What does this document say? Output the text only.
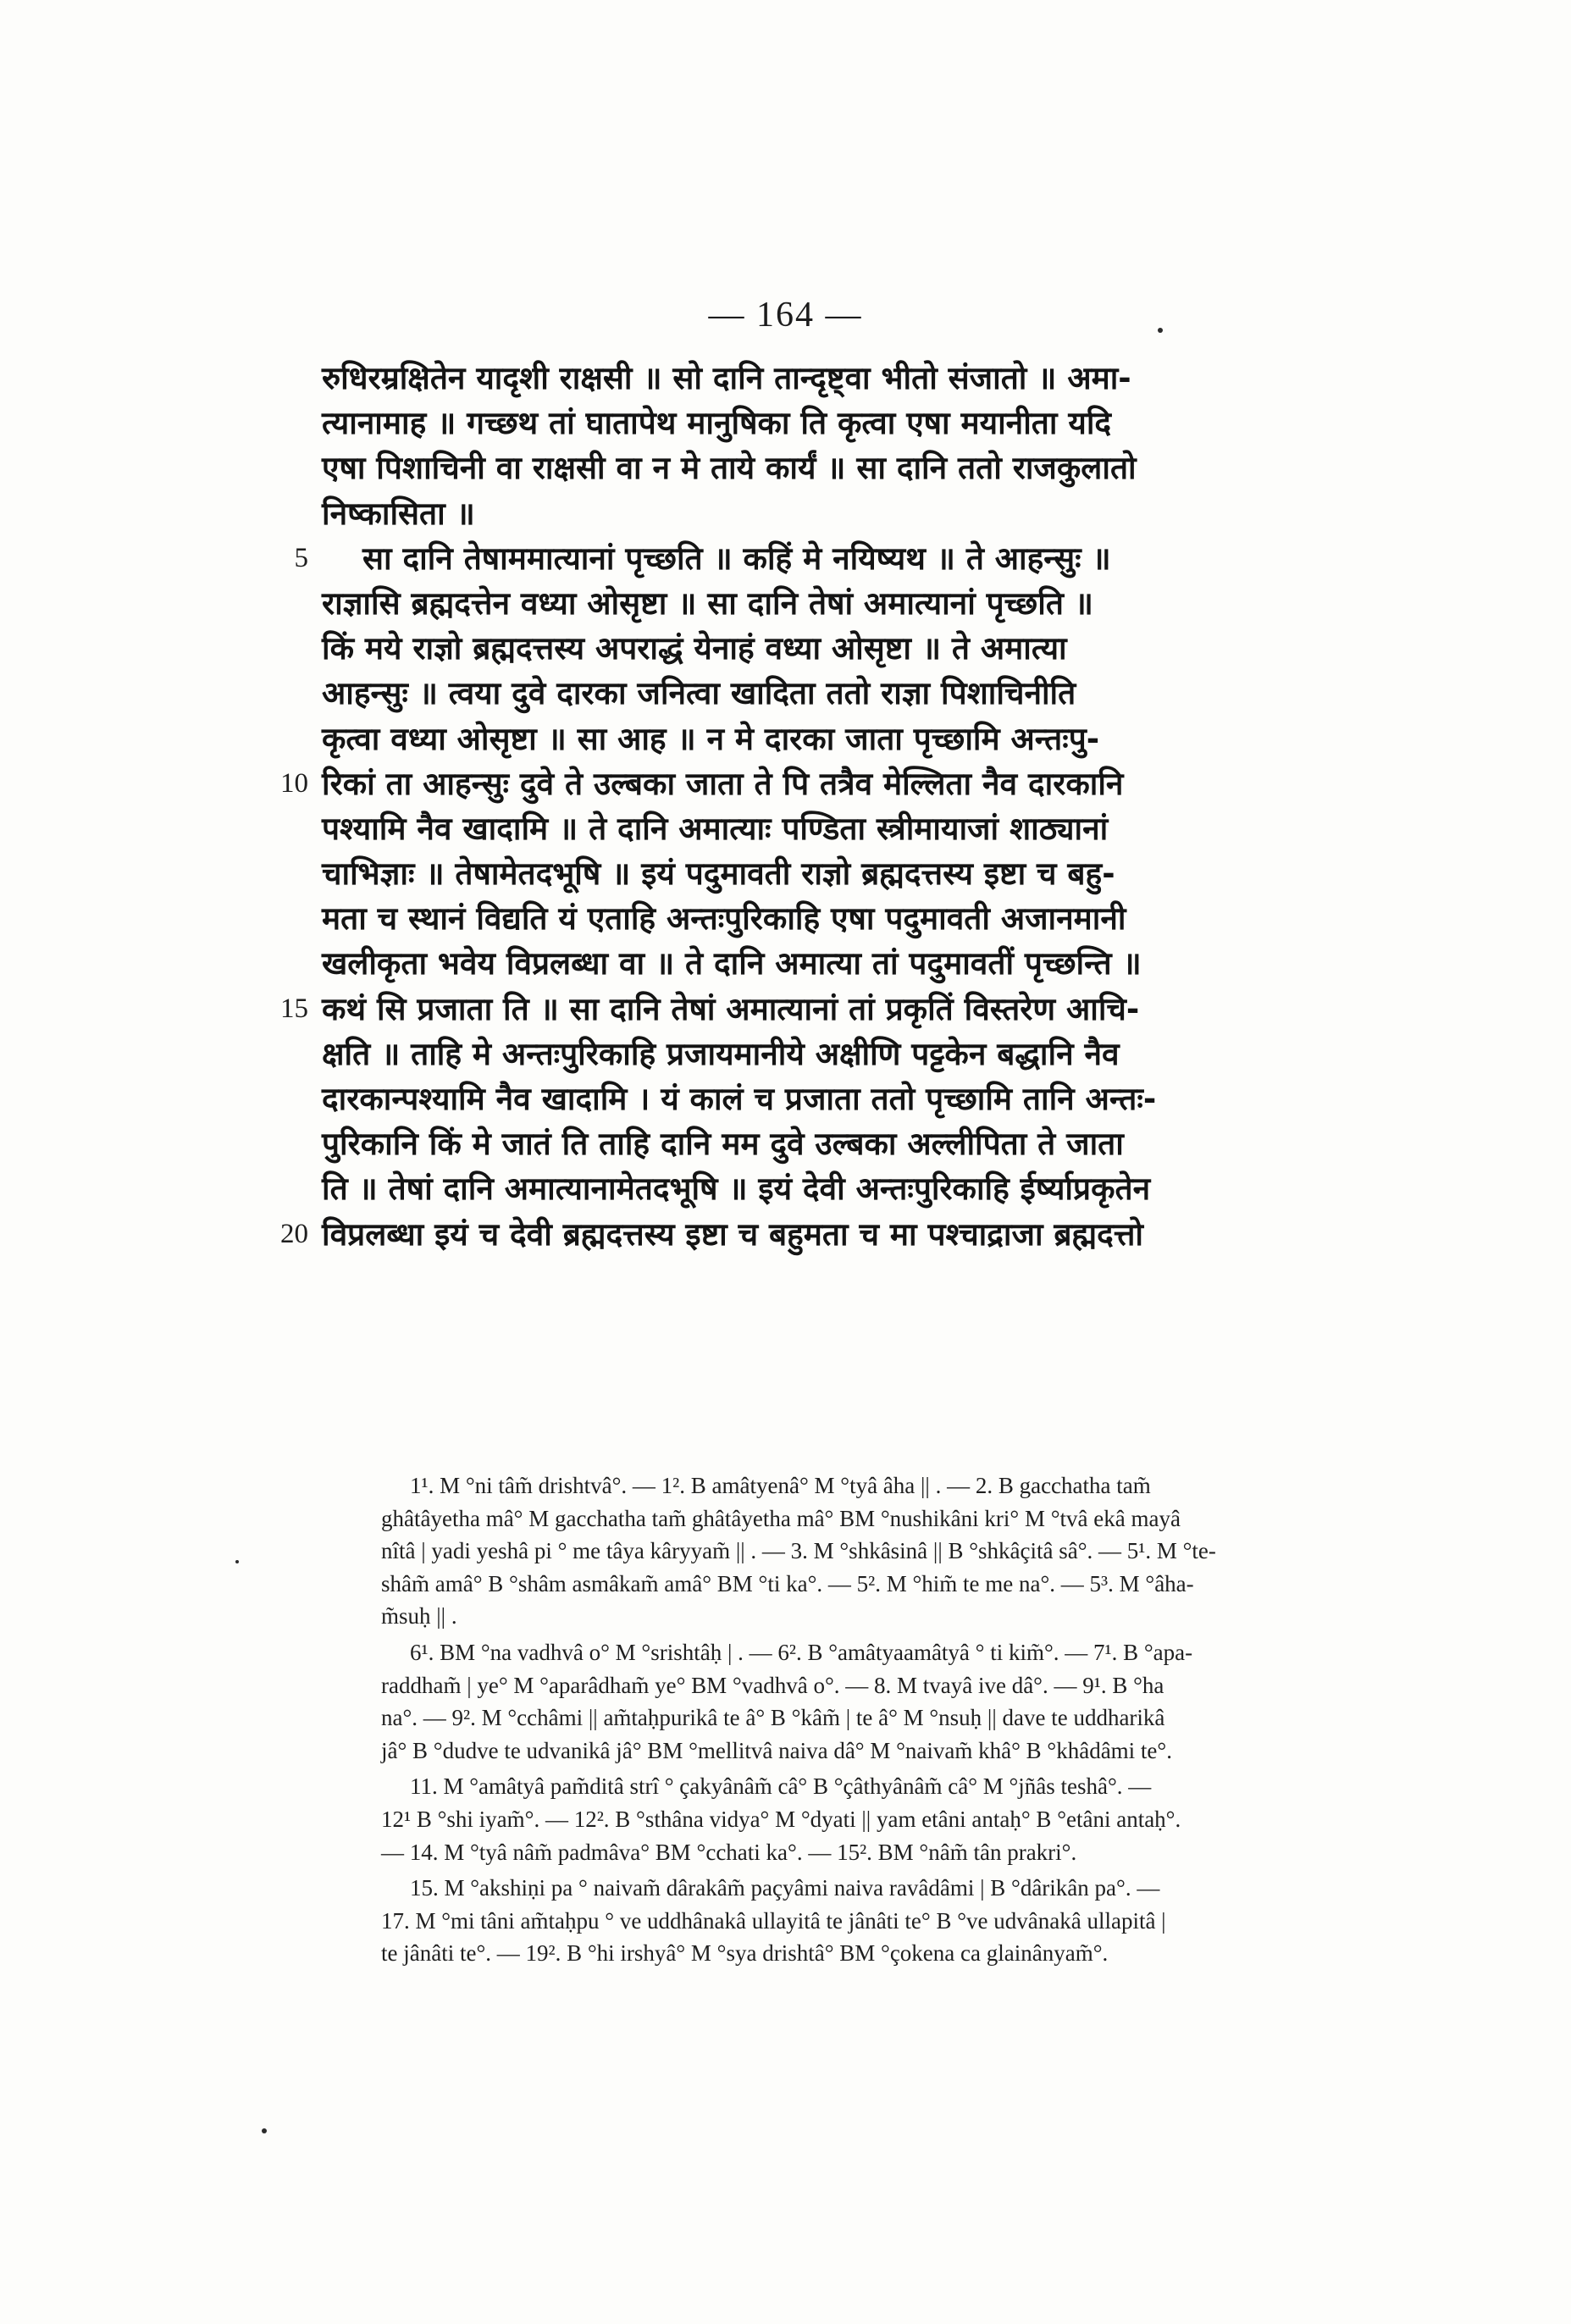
— 164 —
रुधिरम्रक्षितेन यादृशी राक्षसी ॥ सो दानि तान्दृष्ट्वा भीतो संजातो ॥ अमा-
त्यानामाह ॥ गच्छथ तां घातापेथ मानुषिका ति कृत्वा एषा मयानीता यदि
एषा पिशाचिनी वा राक्षसी वा न मे ताये कार्यं ॥ सा दानि ततो राजकुलातो
निष्कासिता ॥
5 सा दानि तेषाममात्यानां पृच्छति ॥ कहिं मे नयिष्यथ ॥ ते आहन्सुः ॥
राज्ञासि ब्रह्मदत्तेन वध्या ओसृष्टा ॥ सा दानि तेषां अमात्यानां पृच्छति ॥
किं मये राज्ञो ब्रह्मदत्तस्य अपराद्धं येनाहं वध्या ओसृष्टा ॥ ते अमात्या
आहन्सुः ॥ त्वया दुवे दारका जनित्वा खादिता ततो राज्ञा पिशाचिनीति
कृत्वा वध्या ओसृष्टा ॥ सा आह ॥ न मे दारका जाता पृच्छामि अन्तःपु-
10 रिकां ता आहन्सुः दुवे ते उल्बका जाता ते पि तत्रैव मेल्लिता नैव दारकानि
पश्यामि नैव खादामि ॥ ते दानि अमात्याः पण्डिता स्त्रीमायाजां शाठ्यानां
चाभिज्ञाः ॥ तेषामेतदभूषि ॥ इयं पदुमावती राज्ञो ब्रह्मदत्तस्य इष्टा च बहु-
मता च स्थानं विद्यति यं एताहि अन्तःपुरिकाहि एषा पदुमावती अजानमानी
खलीकृता भवेय विप्रलब्धा वा ॥ ते दानि अमात्या तां पदुमावतीं पृच्छन्ति ॥
15 कथं सि प्रजाता ति ॥ सा दानि तेषां अमात्यानां तां प्रकृतिं विस्तरेण आचि-
क्षति ॥ ताहि मे अन्तःपुरिकाहि प्रजायमानीये अक्षीणि पट्टकेन बद्धानि नैव
दारकान्पश्यामि नैव खादामि । यं कालं च प्रजाता ततो पृच्छामि तानि अन्तः-
पुरिकानि किं मे जातं ति ताहि दानि मम दुवे उल्बका अल्लीपिता ते जाता
ति ॥ तेषां दानि अमात्यानामेतदभूषि ॥ इयं देवी अन्तःपुरिकाहि ईर्ष्याप्रकृतेन
20 विप्रलब्धा इयं च देवी ब्रह्मदत्तस्य इष्टा च बहुमता च मा पश्चाद्राजा ब्रह्मदत्तो
1¹. M °ni tâm̃ drishtvâ°. — 1². B amâtyenâ° M °tyâ âha || . — 2. B gacchatha tam̃
ghâtâyetha mâ° M gacchatha tam̃ ghâtâyetha mâ° BM °nushikâni kri° M °tvâ ekâ mayâ
nîtâ | yadi yeshâ pi ° me tâya kâryyam̃ || . — 3. M °shkâsinâ || B °shkâçitâ sâ°. — 5¹. M °te-
shâm̃ amâ° B °shâm asmâkam̃ amâ° BM °ti ka°. — 5². M °him̃ te me na°. — 5³. M °âha-
m̃suḥ || .
6¹. BM °na vadhvâ o° M °srishtâḥ | . — 6². B °amâtyaamâtyâ ° ti kim̃°. — 7¹. B °apa-
raddham̃ | ye° M °aparâdham̃ ye° BM °vadhvâ o°. — 8. M tvayâ ive dâ°. — 9¹. B °ha
na°. — 9². M °cchâmi || am̃taḥpurikâ te â° B °kâm̃ | te â° M °nsuḥ || dave te uddharikâ
jâ° B °dudve te udvanikâ jâ° BM °mellitvâ naiva dâ° M °naivam̃ khâ° B °khâdâmi te°.
11. M °amâtyâ pam̃ditâ strî ° çakyânâm̃ câ° B °çâthyânâm̃ câ° M °jñâs teshâ°. —
12¹ B °shi iyam̃°. — 12². B °sthâna vidya° M °dyati || yam etâni antaḥ° B °etâni antaḥ°.
— 14. M °tyâ nâm̃ padmâva° BM °cchati ka°. — 15². BM °nâm̃ tân prakri°.
15. M °akshiṇi pa ° naivam̃ dârakâm̃ paçyâmi naiva ravâdâmi | B °dârikân pa°. —
17. M °mi tâni am̃taḥpu ° ve uddhânakâ ullayitâ te jânâti te° B °ve udvânakâ ullapitâ |
te jânâti te°. — 19². B °hi irshyâ° M °sya drishtâ° BM °çokena ca glainânyam̃°.
